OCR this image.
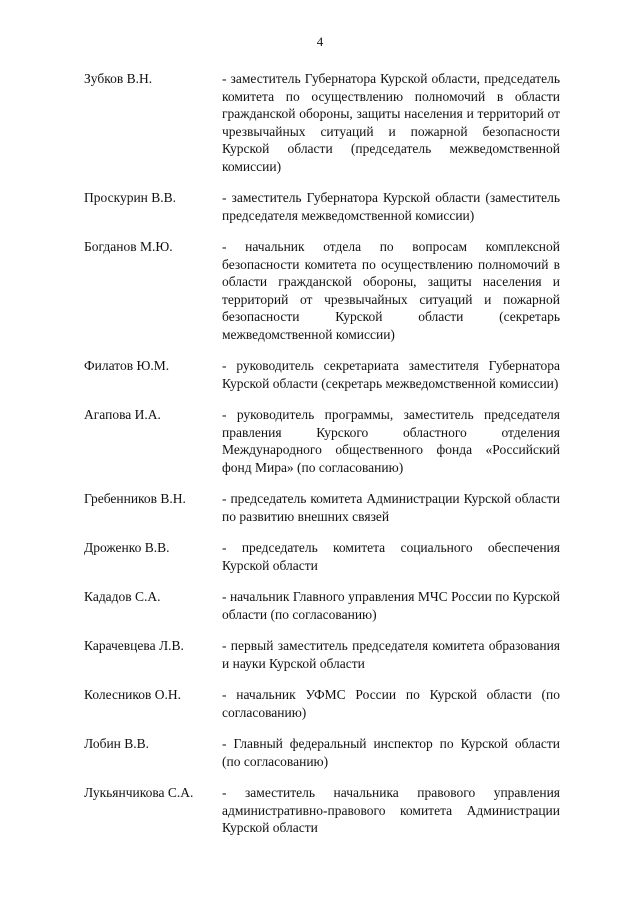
4
Зубков В.Н.	- заместитель Губернатора Курской области, председатель комитета по осуществлению полномочий в области гражданской обороны, защиты населения и территорий от чрезвычайных ситуаций и пожарной безопасности Курской области (председатель межведомственной комиссии)
Проскурин В.В.	- заместитель Губернатора Курской области (заместитель председателя межведомственной комиссии)
Богданов М.Ю.	- начальник отдела по вопросам комплексной безопасности комитета по осуществлению полномочий в области гражданской обороны, защиты населения и территорий от чрезвычайных ситуаций и пожарной безопасности Курской области (секретарь межведомственной комиссии)
Филатов Ю.М.	- руководитель секретариата заместителя Губернатора Курской области (секретарь межведомственной комиссии)
Агапова И.А.	- руководитель программы, заместитель председателя правления Курского областного отделения Международного общественного фонда «Российский фонд Мира» (по согласованию)
Гребенников В.Н.	- председатель комитета Администрации Курской области по развитию внешних связей
Дроженко В.В.	- председатель комитета социального обеспечения Курской области
Кададов С.А.	- начальник Главного управления МЧС России по Курской области (по согласованию)
Карачевцева Л.В.	- первый заместитель председателя комитета образования и науки Курской области
Колесников О.Н.	- начальник УФМС России по Курской области (по согласованию)
Лобин В.В.	- Главный федеральный инспектор по Курской области (по согласованию)
Лукьянчикова С.А.	- заместитель начальника правового управления административно-правового комитета Администрации Курской области
